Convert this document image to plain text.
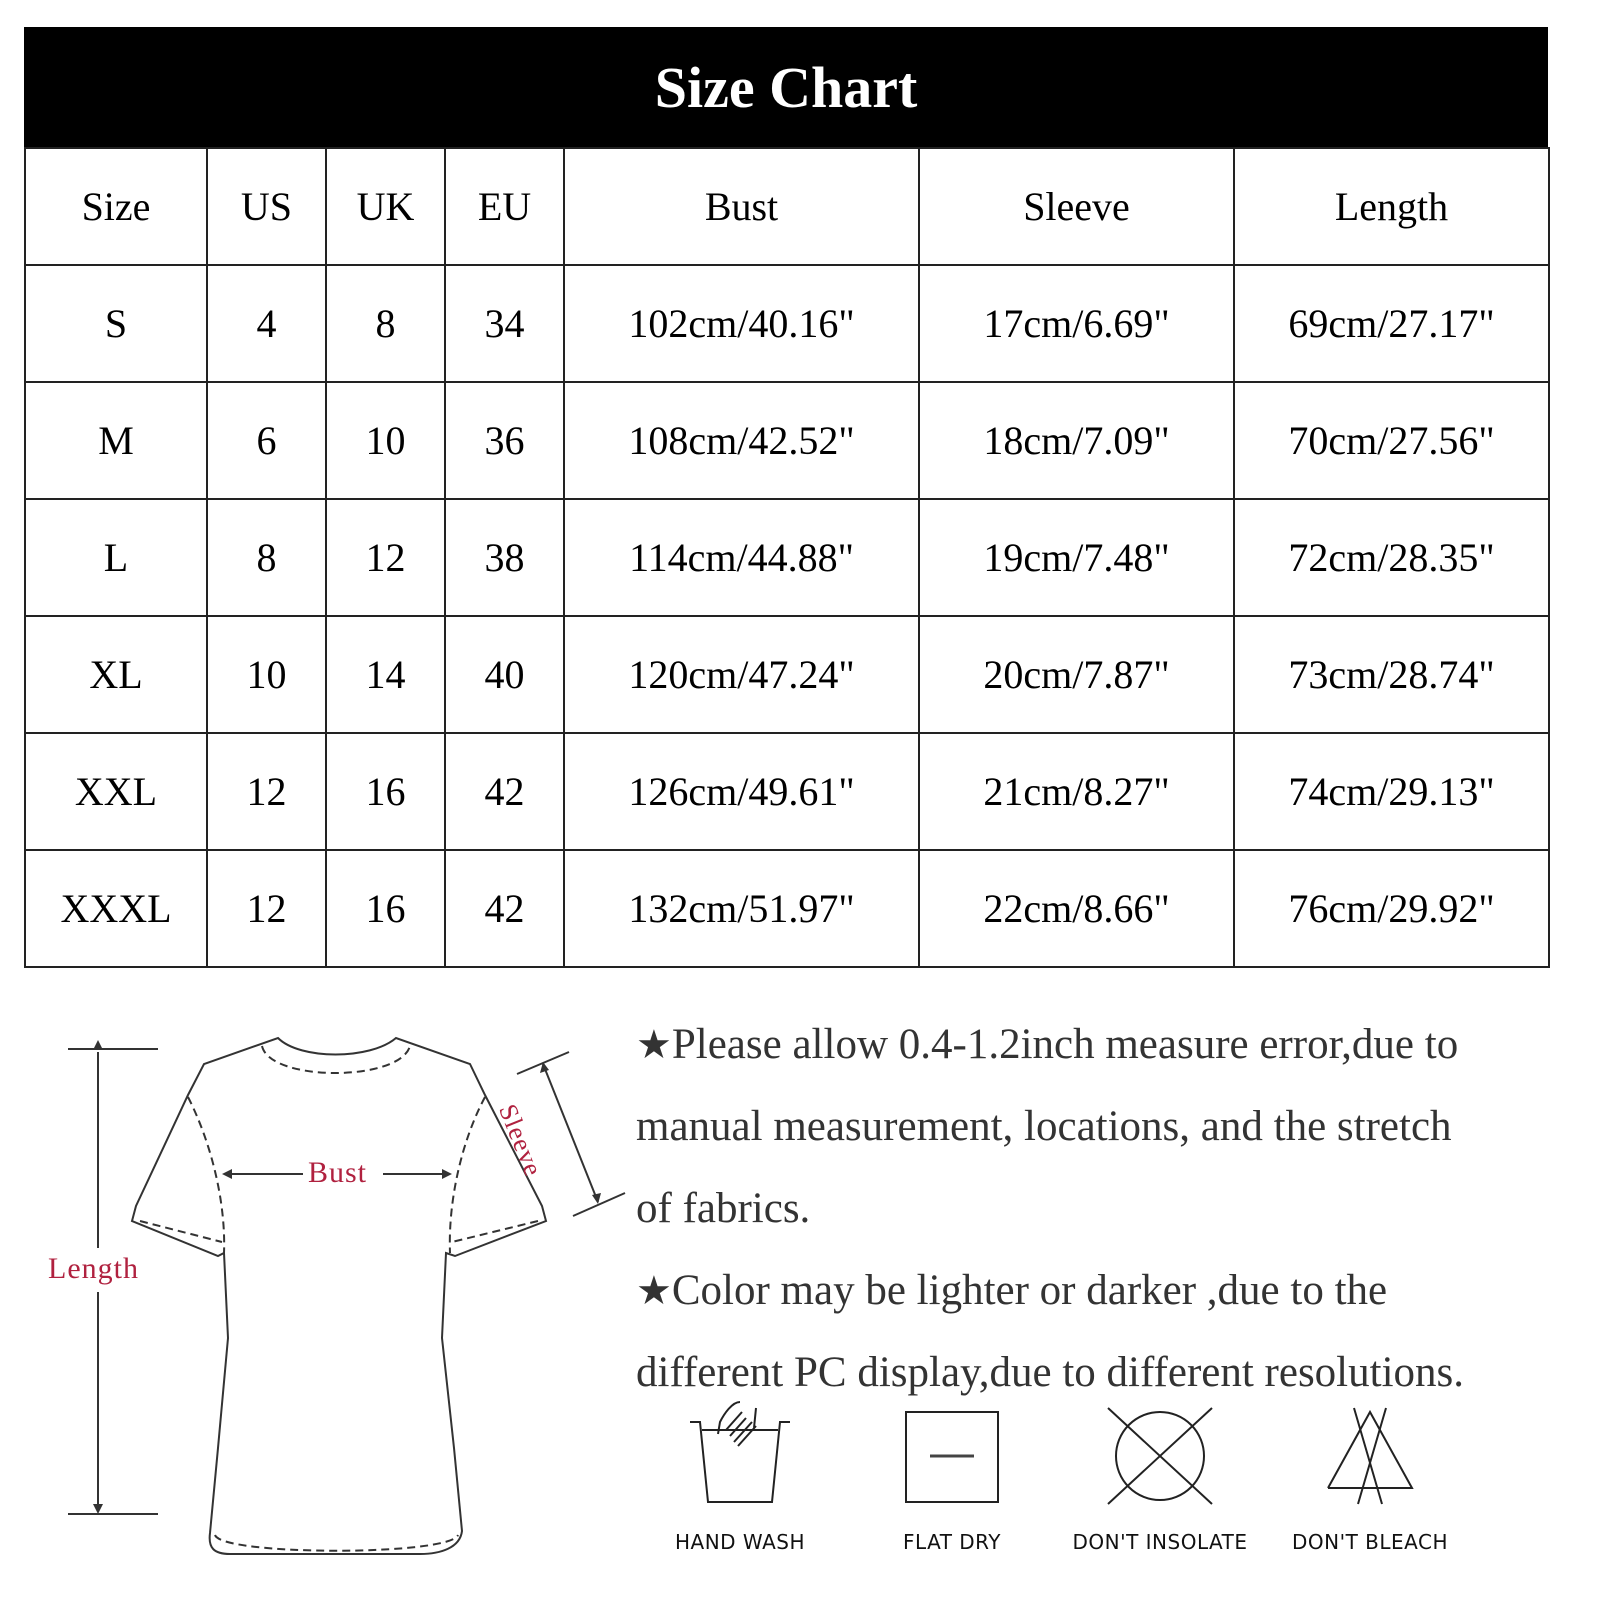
Size Chart
Size	US	UK	EU	Bust	Sleeve	Length
S	4	8	34	102cm/40.16"	17cm/6.69"	69cm/27.17"
M	6	10	36	108cm/42.52"	18cm/7.09"	70cm/27.56"
L	8	12	38	114cm/44.88"	19cm/7.48"	72cm/28.35"
XL	10	14	40	120cm/47.24"	20cm/7.87"	73cm/28.74"
XXL	12	16	42	126cm/49.61"	21cm/8.27"	74cm/29.13"
XXXL	12	16	42	132cm/51.97"	22cm/8.66"	76cm/29.92"
Length
Bust	Sleeve

★Please allow 0.4-1.2inch measure error,due to

manual measurement, locations, and the stretch

of fabrics.

★Color may be lighter or darker ,due to the

different PC display,due to different resolutions.

HAND WASH	FLAT DRY	DON'T INSOLATE	DON'T BLEACH
